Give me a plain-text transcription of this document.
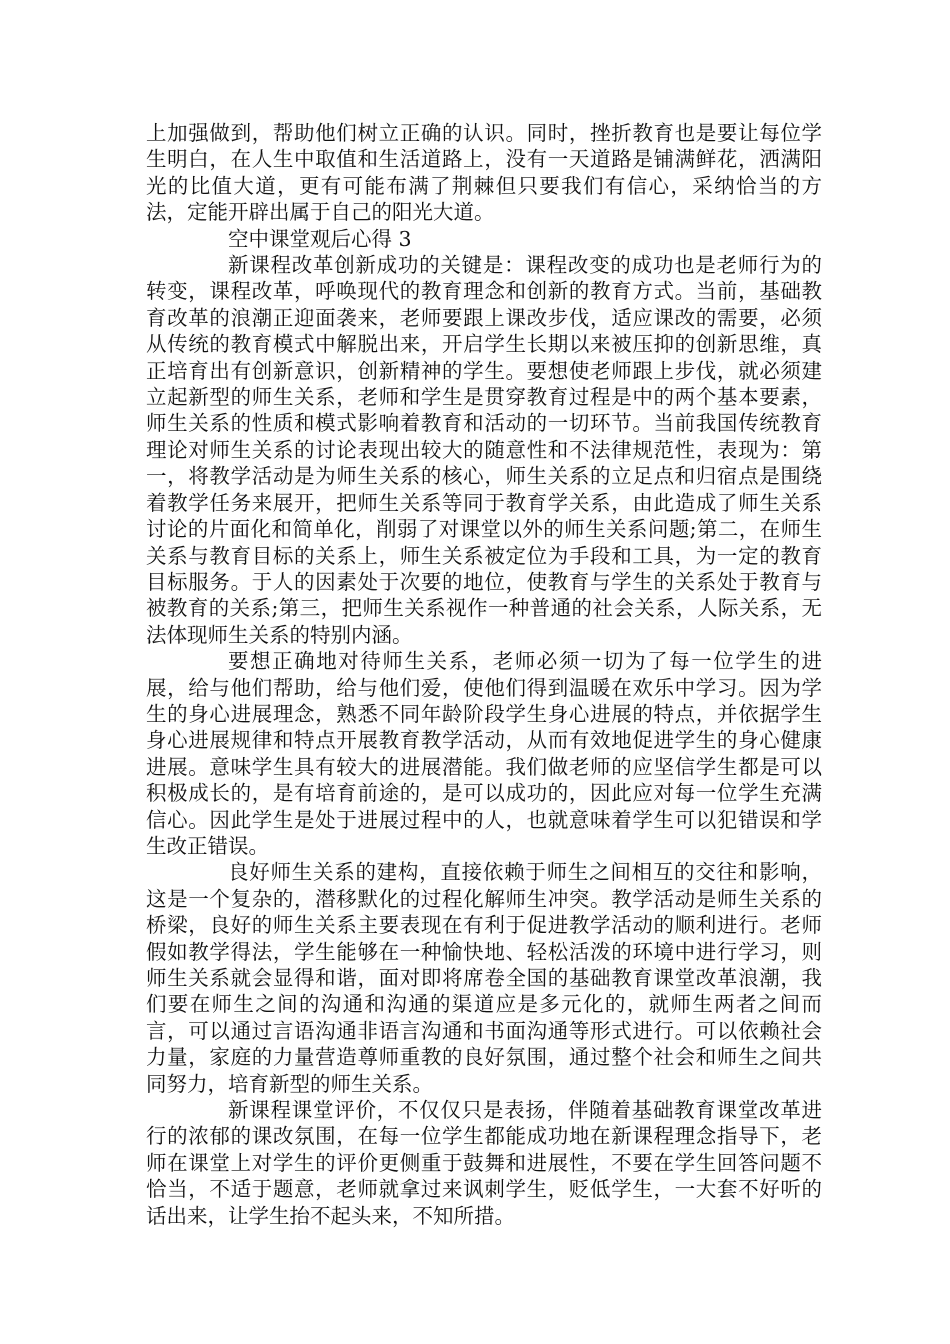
上加强做到，帮助他们树立正确的认识。同时，挫折教育也是要让每位学生明白，在人生中取值和生活道路上，没有一天道路是铺满鲜花，洒满阳光的比值大道，更有可能布满了荆棘但只要我们有信心，采纳恰当的方法，定能开辟出属于自己的阳光大道。

空中课堂观后心得 3

新课程改革创新成功的关键是：课程改变的成功也是老师行为的转变，课程改革，呼唤现代的教育理念和创新的教育方式。当前，基础教育改革的浪潮正迎面袭来，老师要跟上课改步伐，适应课改的需要，必须从传统的教育模式中解脱出来，开启学生长期以来被压抑的创新思维，真正培育出有创新意识，创新精神的学生。要想使老师跟上步伐，就必须建立起新型的师生关系，老师和学生是贯穿教育过程是中的两个基本要素，师生关系的性质和模式影响着教育和活动的一切环节。当前我国传统教育理论对师生关系的讨论表现出较大的随意性和不法律规范性，表现为：第一，将教学活动是为师生关系的核心，师生关系的立足点和归宿点是围绕着教学任务来展开，把师生关系等同于教育学关系，由此造成了师生关系讨论的片面化和简单化，削弱了对课堂以外的师生关系问题;第二，在师生关系与教育目标的关系上，师生关系被定位为手段和工具，为一定的教育目标服务。于人的因素处于次要的地位，使教育与学生的关系处于教育与被教育的关系;第三，把师生关系视作一种普通的社会关系，人际关系，无法体现师生关系的特别内涵。

要想正确地对待师生关系，老师必须一切为了每一位学生的进展，给与他们帮助，给与他们爱，使他们得到温暖在欢乐中学习。因为学生的身心进展理念，熟悉不同年龄阶段学生身心进展的特点，并依据学生身心进展规律和特点开展教育教学活动，从而有效地促进学生的身心健康进展。意味学生具有较大的进展潜能。我们做老师的应坚信学生都是可以积极成长的，是有培育前途的，是可以成功的，因此应对每一位学生充满信心。因此学生是处于进展过程中的人，也就意味着学生可以犯错误和学生改正错误。

良好师生关系的建构，直接依赖于师生之间相互的交往和影响，这是一个复杂的，潜移默化的过程化解师生冲突。教学活动是师生关系的桥梁，良好的师生关系主要表现在有利于促进教学活动的顺利进行。老师假如教学得法，学生能够在一种愉快地、轻松活泼的环境中进行学习，则师生关系就会显得和谐，面对即将席卷全国的基础教育课堂改革浪潮，我们要在师生之间的沟通和沟通的渠道应是多元化的，就师生两者之间而言，可以通过言语沟通非语言沟通和书面沟通等形式进行。可以依赖社会力量，家庭的力量营造尊师重教的良好氛围，通过整个社会和师生之间共同努力，培育新型的师生关系。

新课程课堂评价，不仅仅只是表扬，伴随着基础教育课堂改革进行的浓郁的课改氛围，在每一位学生都能成功地在新课程理念指导下，老师在课堂上对学生的评价更侧重于鼓舞和进展性，不要在学生回答问题不恰当，不适于题意，老师就拿过来讽刺学生，贬低学生，一大套不好听的话出来，让学生抬不起头来，不知所措。
